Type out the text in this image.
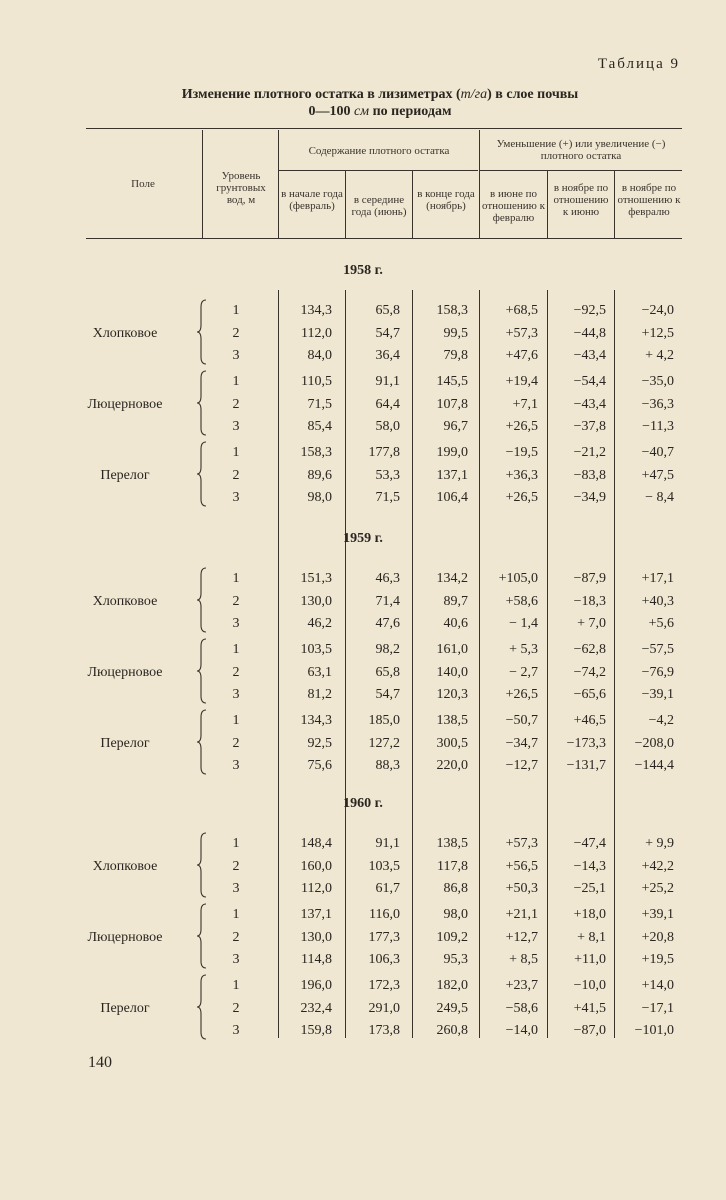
Таблица 9
Изменение плотного остатка в лизиметрах (т/га) в слое почвы
0—100 см по периодам
Поле
Уровень грунтовых вод, м
Содержание плотного остатка
Уменьшение (+) или увеличение (−) плотного остатка
в начале года (февраль)	в середине года (июнь)
в конце года (ноябрь)
в июне по отношению к февралю
в ноябре по отношению к июню
в ноябре по отношению к февралю
1958 г.
Хлопковое
1	134,3	65,8	158,3	+68,5	−92,5	−24,0
2	112,0	54,7	99,5	+57,3	−44,8	+12,5
3	84,0	36,4	79,8	+47,6	−43,4	+ 4,2
Люцерновое
1	110,5	91,1	145,5	+19,4	−54,4	−35,0
2	71,5	64,4	107,8	+7,1	−43,4	−36,3
3	85,4	58,0	96,7	+26,5	−37,8	−11,3
Перелог
1	158,3	177,8	199,0	−19,5	−21,2	−40,7
2	89,6	53,3	137,1	+36,3	−83,8	+47,5
3	98,0	71,5	106,4	+26,5	−34,9	− 8,4
1959 г.
Хлопковое
1	151,3	46,3	134,2	+105,0	−87,9	+17,1
2	130,0	71,4	89,7	+58,6	−18,3	+40,3
3	46,2	47,6	40,6	− 1,4	+ 7,0	+5,6
Люцерновое
1	103,5	98,2	161,0	+ 5,3	−62,8	−57,5
2	63,1	65,8	140,0	− 2,7	−74,2	−76,9
3	81,2	54,7	120,3	+26,5	−65,6	−39,1
Перелог
1	134,3	185,0	138,5	−50,7	+46,5	−4,2
2	92,5	127,2	300,5	−34,7	−173,3	−208,0
3	75,6	88,3	220,0	−12,7	−131,7	−144,4
1960 г.
Хлопковое
1	148,4	91,1	138,5	+57,3	−47,4	+ 9,9
2	160,0	103,5	117,8	+56,5	−14,3	+42,2
3	112,0	61,7	86,8	+50,3	−25,1	+25,2
Люцерновое
1	137,1	116,0	98,0	+21,1	+18,0	+39,1
2	130,0	177,3	109,2	+12,7	+ 8,1	+20,8
3	114,8	106,3	95,3	+ 8,5	+11,0	+19,5
Перелог
1	196,0	172,3	182,0	+23,7	−10,0	+14,0
2	232,4	291,0	249,5	−58,6	+41,5	−17,1
3	159,8	173,8	260,8	−14,0	−87,0	−101,0
140
